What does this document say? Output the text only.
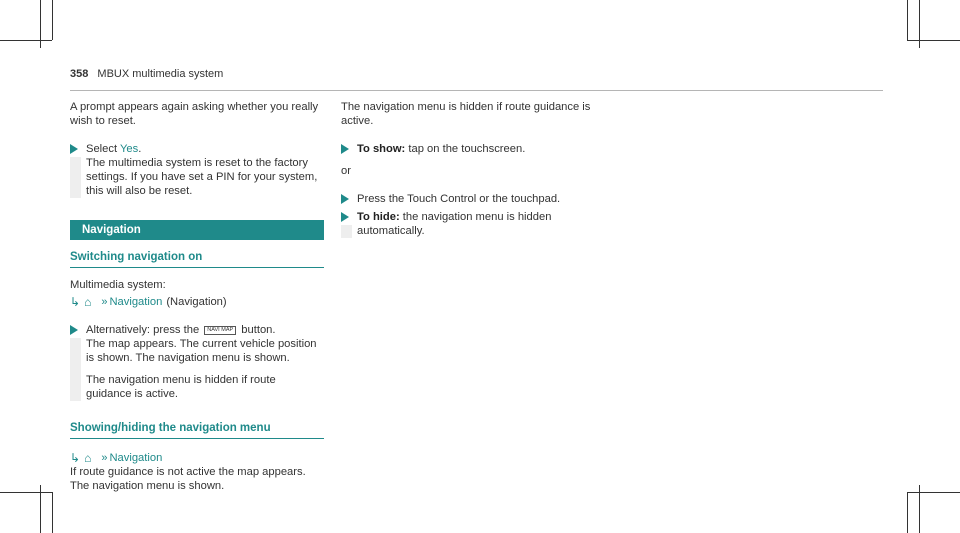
358 MBUX multimedia system

A prompt appears again asking whether you really wish to reset.

Select Yes.

The multimedia system is reset to the factory settings. If you have set a PIN for your system, this will also be reset.

Navigation
Switching navigation on

Multimedia system:

↳ ⌂ » Navigation (Navigation)

Alternatively: press the NAVI MAP button.

The map appears. The current vehicle position is shown. The navigation menu is shown.

The navigation menu is hidden if route guidance is active.

Showing/hiding the navigation menu
↳ ⌂ » Navigation

If route guidance is not active the map appears. The navigation menu is shown.

The navigation menu is hidden if route guidance is active.

To show: tap on the touchscreen.

or

Press the Touch Control or the touchpad.

To hide: the navigation menu is hidden automatically.
